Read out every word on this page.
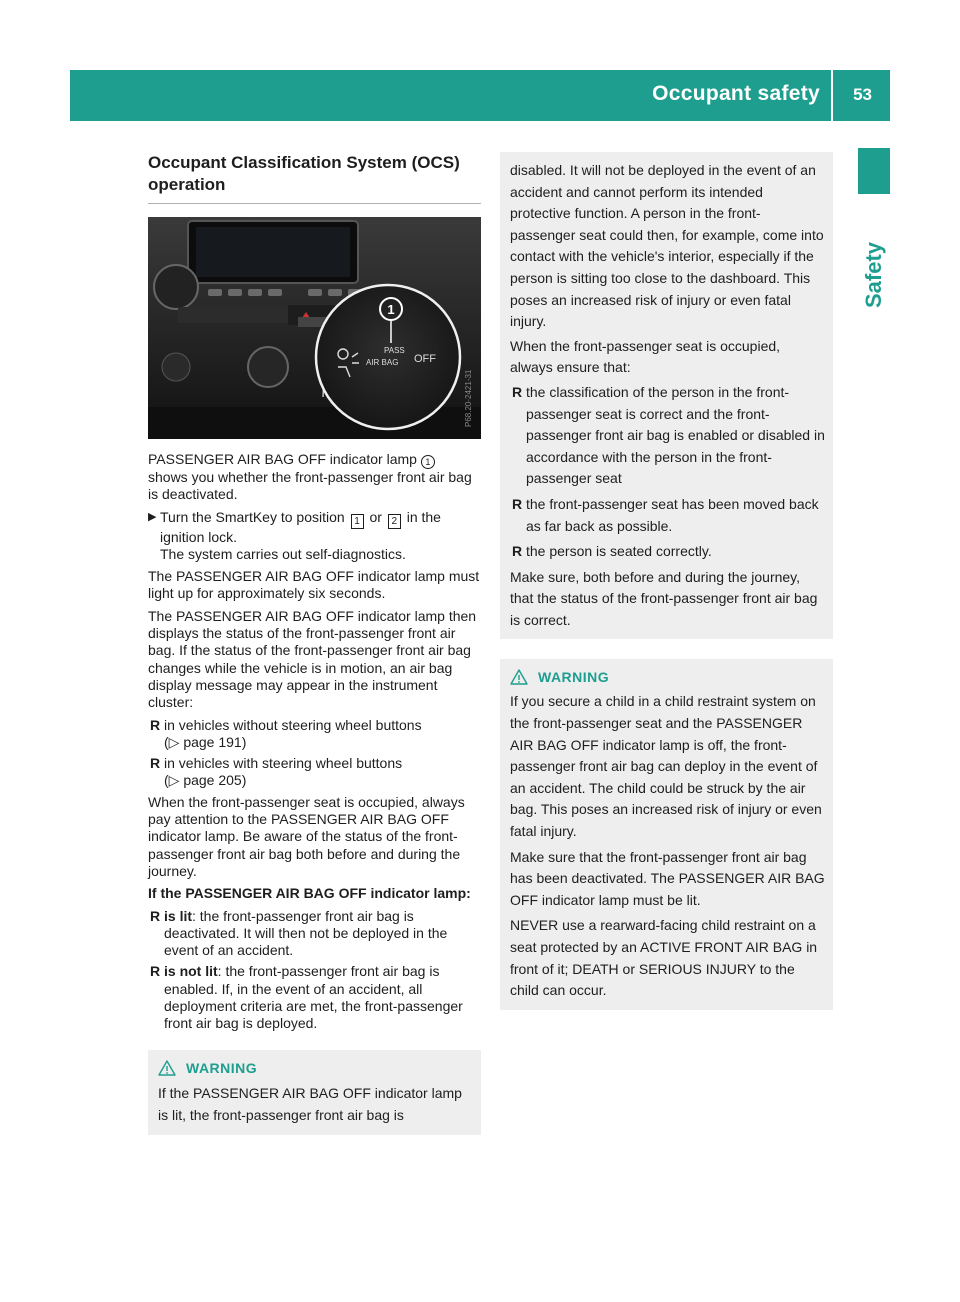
Occupant safety 53
Safety
Occupant Classification System (OCS)
operation
1
PASS
AIR BAG OFF
P68.20-2421-31
PASSENGER AIR BAG OFF indicator lamp 1
shows you whether the front-passenger front air bag is deactivated.
▶ Turn the SmartKey to position 1 or 2 in the ignition lock.
The system carries out self-diagnostics.

The PASSENGER AIR BAG OFF indicator lamp must light up for approximately six seconds.

The PASSENGER AIR BAG OFF indicator lamp then displays the status of the front-passenger front air bag. If the status of the front-passenger front air bag changes while the vehicle is in motion, an air bag display message may appear in the instrument cluster:

R in vehicles without steering wheel buttons
(▷ page 191)
R in vehicles with steering wheel buttons
(▷ page 205)

When the front-passenger seat is occupied, always pay attention to the PASSENGER AIR BAG OFF indicator lamp. Be aware of the status of the front-passenger front air bag both before and during the journey.

If the PASSENGER AIR BAG OFF indicator lamp:

R is lit: the front-passenger front air bag is deactivated. It will then not be deployed in the event of an accident.
R is not lit: the front-passenger front air bag is enabled. If, in the event of an accident, all deployment criteria are met, the front-passenger front air bag is deployed.
WARNING

If the PASSENGER AIR BAG OFF indicator lamp is lit, the front-passenger front air bag is

disabled. It will not be deployed in the event of an accident and cannot perform its intended protective function. A person in the front-passenger seat could then, for example, come into contact with the vehicle's interior, especially if the person is sitting too close to the dashboard. This poses an increased risk of injury or even fatal injury.

When the front-passenger seat is occupied, always ensure that:

R the classification of the person in the front-passenger seat is correct and the front-passenger front air bag is enabled or disabled in accordance with the person in the front-passenger seat
R the front-passenger seat has been moved back as far back as possible.
R the person is seated correctly.

Make sure, both before and during the journey, that the status of the front-passenger front air bag is correct.

WARNING

If you secure a child in a child restraint system on the front-passenger seat and the PASSENGER AIR BAG OFF indicator lamp is off, the front-passenger front air bag can deploy in the event of an accident. The child could be struck by the air bag. This poses an increased risk of injury or even fatal injury.

Make sure that the front-passenger front air bag has been deactivated. The PASSENGER AIR BAG OFF indicator lamp must be lit.

NEVER use a rearward-facing child restraint on a seat protected by an ACTIVE FRONT AIR BAG in front of it; DEATH or SERIOUS INJURY to the child can occur.
